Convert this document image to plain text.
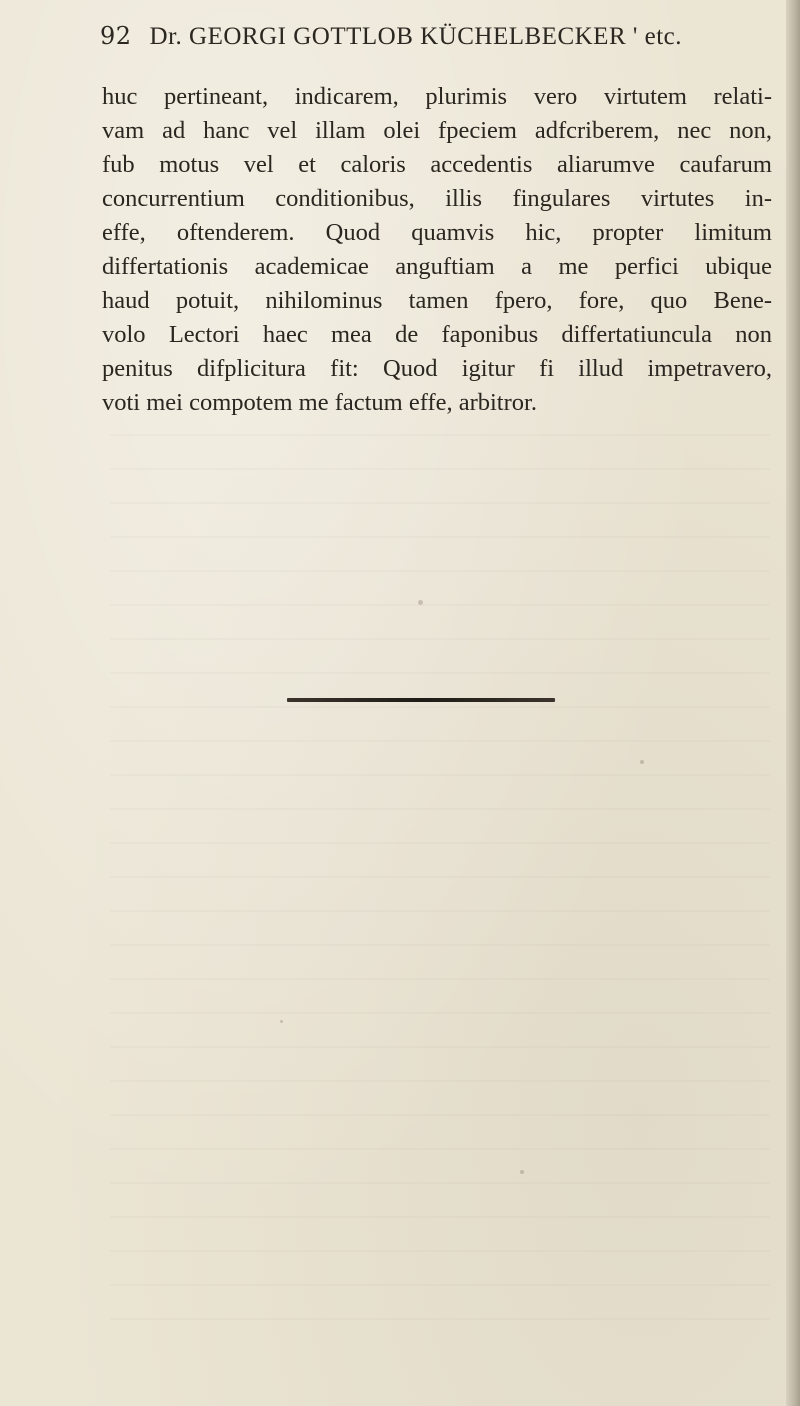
92 Dr. GEORGI GOTTLOB KÜCHELBECKER ' etc.
huc pertineant, indicarem, plurimis vero virtutem relati-
vam ad hanc vel illam olei fpeciem adfcriberem, nec non,
fub motus vel et caloris accedentis aliarumve caufarum
concurrentium conditionibus, illis fingulares virtutes in-
effe, oftenderem. Quod quamvis hic, propter limitum
differtationis academicae anguftiam a me perfici ubique
haud potuit, nihilominus tamen fpero, fore, quo Bene-
volo Lectori haec mea de faponibus differtatiuncula non
penitus difplicitura fit: Quod igitur fi illud impetravero,
voti mei compotem me factum effe, arbitror.
